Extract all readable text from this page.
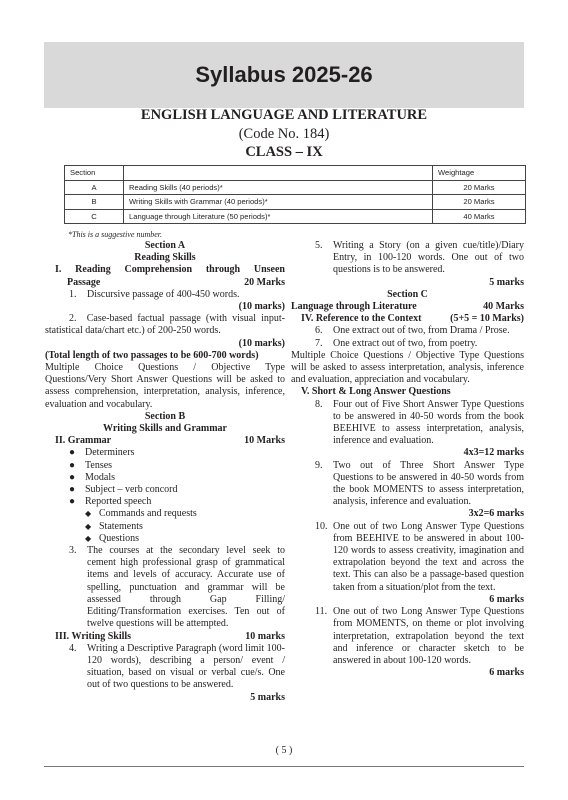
Syllabus 2025-26
ENGLISH LANGUAGE AND LITERATURE
(Code No. 184)
CLASS – IX
Section		Weightage
A	Reading Skills (40 periods)*	20 Marks
B	Writing Skills with Grammar (40 periods)*	20 Marks
C	Language through Literature (50 periods)*	40 Marks
*This is a suggestive number.
Section A
Reading Skills
I. Reading Comprehension through Unseen
Passage	20 Marks
1.	Discursive passage of 400-450 words.
(10 marks)
2. Case-based factual passage (with visual input- statistical data/chart etc.) of 200-250 words.
(10 marks)
(Total length of two passages to be 600-700 words)
Multiple Choice Questions / Objective Type Questions/Very Short Answer Questions will be asked to assess comprehension, interpretation, analysis, inference, evaluation and vocabulary.
Section B
Writing Skills and Grammar
II. Grammar	10 Marks
● Determiners
● Tenses
● Modals
● Subject – verb concord
● Reported speech
◆ Commands and requests
◆ Statements
◆ Questions
3.	The courses at the secondary level seek to cement high professional grasp of grammatical items and levels of accuracy. Accurate use of spelling, punctuation and grammar will be assessed through Gap Filling/ Editing/Transformation exercises. Ten out of twelve questions will be attempted.
III. Writing Skills	10 marks
4.	Writing a Descriptive Paragraph (word limit 100-120 words), describing a person/ event / situation, based on visual or verbal cue/s. One out of two questions to be answered.
5 marks
5.	Writing a Story (on a given cue/title)/Diary Entry, in 100-120 words. One out of two questions is to be answered.
5 marks
Section C
Language through Literature	40 Marks
IV. Reference to the Context	(5+5 = 10 Marks)
6.	One extract out of two, from Drama / Prose.
7.	One extract out of two, from poetry.
Multiple Choice Questions / Objective Type Questions will be asked to assess interpretation, analysis, inference and evaluation, appreciation and vocabulary.
V. Short & Long Answer Questions
8.	Four out of Five Short Answer Type Questions to be answered in 40-50 words from the book BEEHIVE to assess interpretation, analysis, inference and evaluation.
4x3=12 marks
9.	Two out of Three Short Answer Type Questions to be answered in 40-50 words from the book MOMENTS to assess interpretation, analysis, inference and evaluation.
3x2=6 marks
10. One out of two Long Answer Type Questions from BEEHIVE to be answered in about 100-120 words to assess creativity, imagination and extrapolation beyond the text and across the text. This can also be a passage-based question taken from a situation/plot from the text.
6 marks
11. One out of two Long Answer Type Questions from MOMENTS, on theme or plot involving interpretation, extrapolation beyond the text and inference or character sketch to be answered in about 100-120 words.
6 marks
( 5 )
